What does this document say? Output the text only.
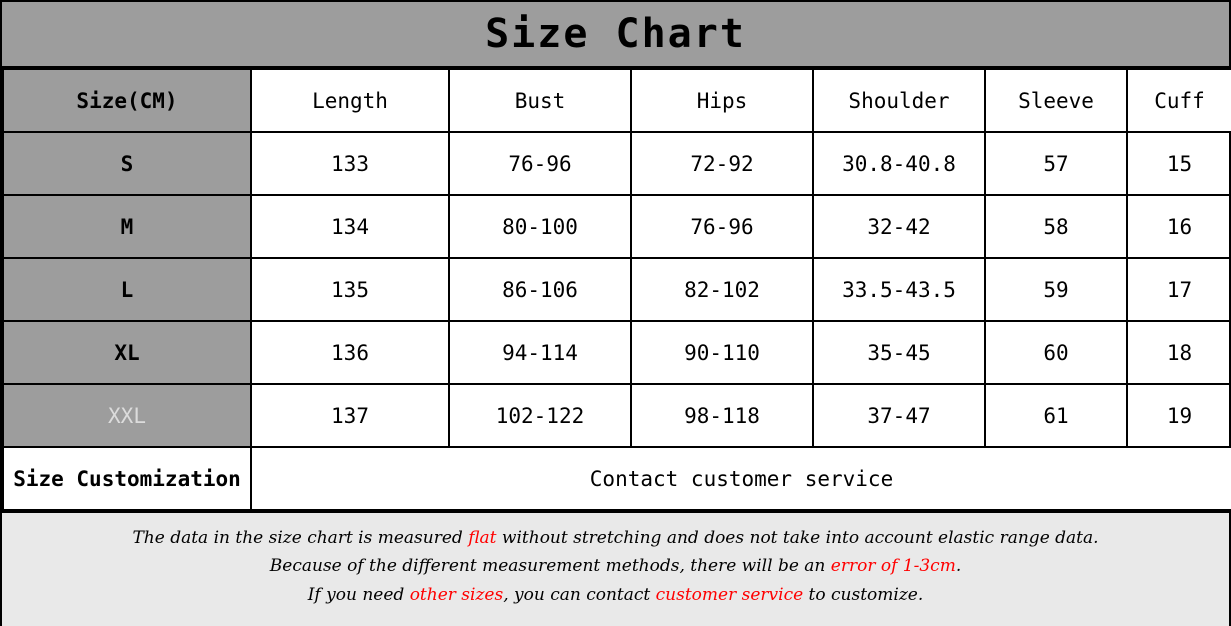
Size Chart
Size(CM)	Length	Bust	Hips	Shoulder	Sleeve	Cuff
S	133	76-96	72-92	30.8-40.8	57	15
M	134	80-100	76-96	32-42	58	16
L	135	86-106	82-102	33.5-43.5	59	17
XL	136	94-114	90-110	35-45	60	18
XXL	137	102-122	98-118	37-47	61	19
Size Customization	Contact customer service					

The data in the size chart is measured flat without stretching and does not take into account elastic range data.

Because of the different measurement methods, there will be an error of 1-3cm.

If you need other sizes, you can contact customer service to customize.
